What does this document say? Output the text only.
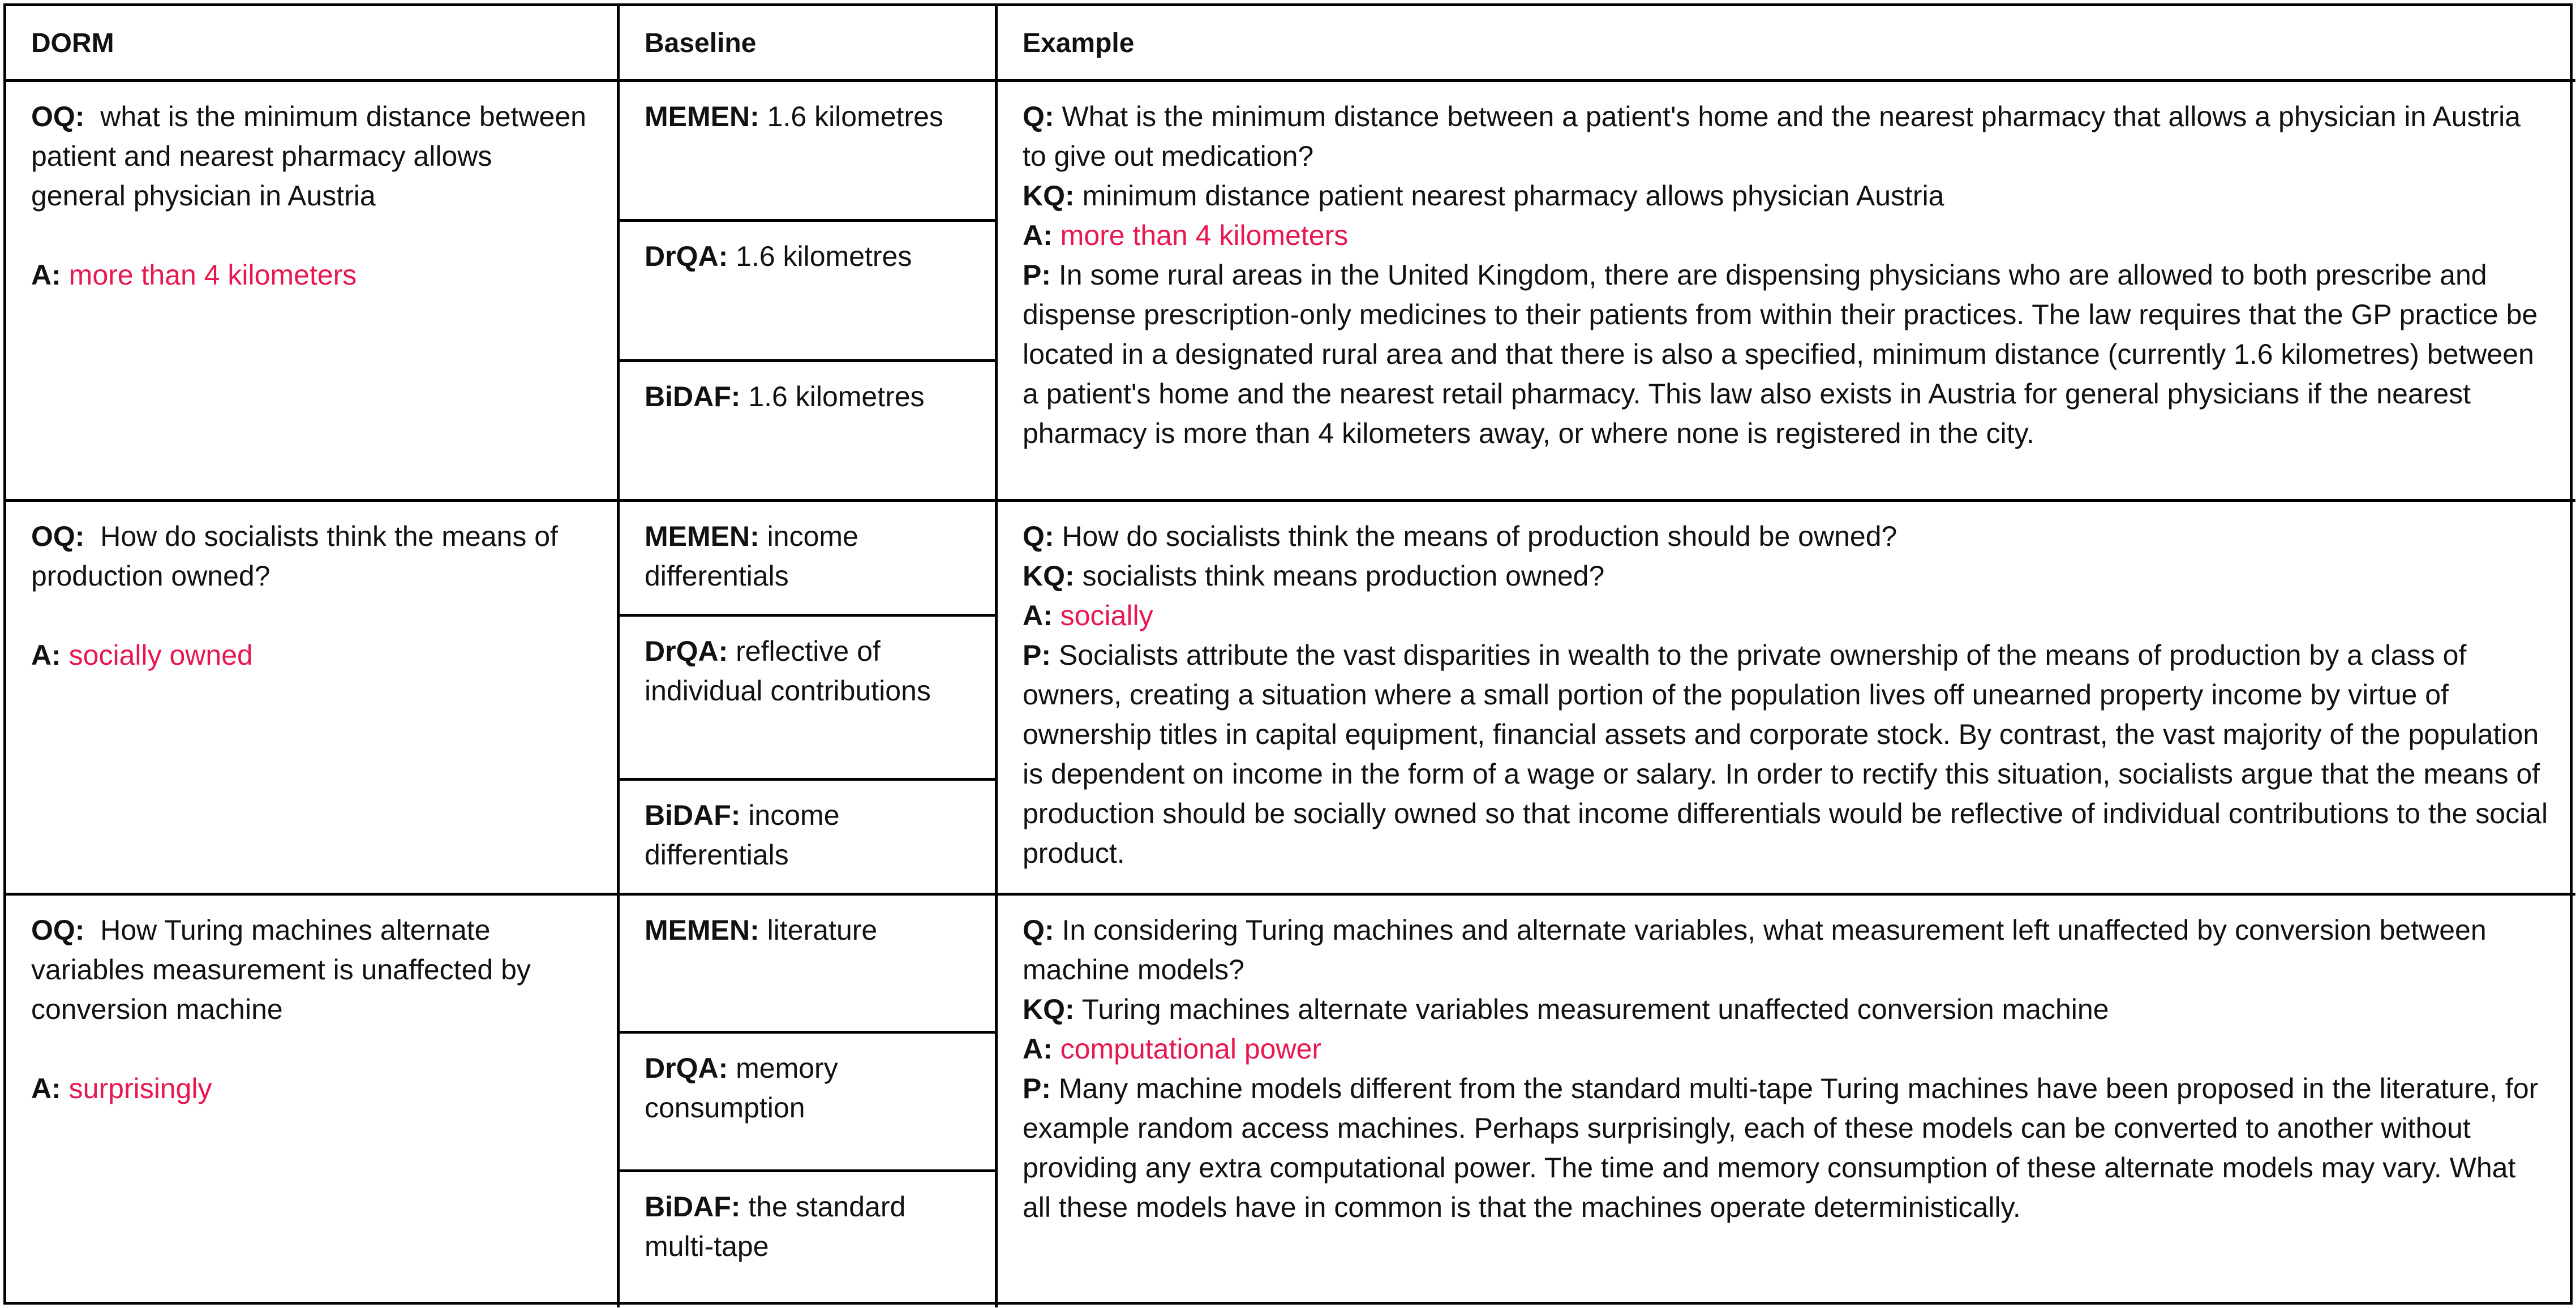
DORM	Baseline	Example
OQ: what is the minimum distance between patient and nearest pharmacy allows general physician in Austria
A: more than 4 kilometers
MEMEN: 1.6 kilometres
DrQA: 1.6 kilometres
BiDAF: 1.6 kilometres
Q: What is the minimum distance between a patient's home and the nearest pharmacy that allows a physician in Austria to give out medication?
KQ: minimum distance patient nearest pharmacy allows physician Austria
A: more than 4 kilometers
P: In some rural areas in the United Kingdom, there are dispensing physicians who are allowed to both prescribe and dispense prescription-only medicines to their patients from within their practices. The law requires that the GP practice be located in a designated rural area and that there is also a specified, minimum distance (currently 1.6 kilometres) between a patient's home and the nearest retail pharmacy. This law also exists in Austria for general physicians if the nearest pharmacy is more than 4 kilometers away, or where none is registered in the city.
OQ: How do socialists think the means of production owned?
A: socially owned
MEMEN: income differentials
DrQA: reflective of individual contributions
BiDAF: income differentials
Q: How do socialists think the means of production should be owned?
KQ: socialists think means production owned?
A: socially
P: Socialists attribute the vast disparities in wealth to the private ownership of the means of production by a class of owners, creating a situation where a small portion of the population lives off unearned property income by virtue of ownership titles in capital equipment, financial assets and corporate stock. By contrast, the vast majority of the population is dependent on income in the form of a wage or salary. In order to rectify this situation, socialists argue that the means of production should be socially owned so that income differentials would be reflective of individual contributions to the social product.
OQ: How Turing machines alternate variables measurement is unaffected by conversion machine
A: surprisingly
MEMEN: literature
DrQA: memory consumption
BiDAF: the standard multi-tape
Q: In considering Turing machines and alternate variables, what measurement left unaffected by conversion between machine models?
KQ: Turing machines alternate variables measurement unaffected conversion machine
A: computational power
P: Many machine models different from the standard multi-tape Turing machines have been proposed in the literature, for example random access machines. Perhaps surprisingly, each of these models can be converted to another without providing any extra computational power. The time and memory consumption of these alternate models may vary. What all these models have in common is that the machines operate deterministically.
